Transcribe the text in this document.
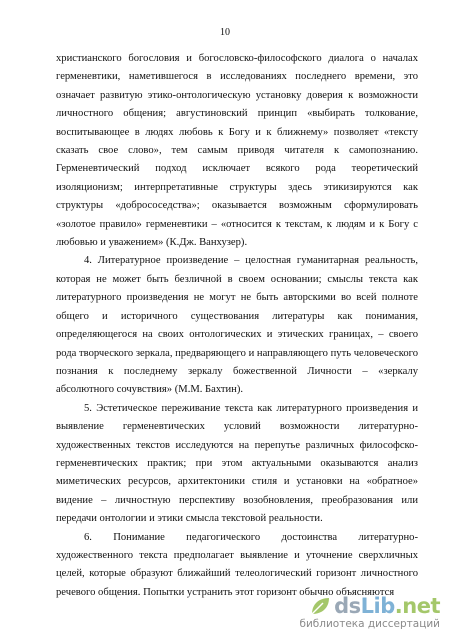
10

христианского богословия и богословско-философского диалога о началах герменевтики, наметившегося в исследованиях последнего времени, это означает развитую этико-онтологическую установку доверия к возможности личностного общения; августиновский принцип «выбирать толкование, воспитывающее в людях любовь к Богу и к ближнему» позволяет «тексту сказать свое слово», тем самым приводя читателя к самопознанию. Герменевтический подход исключает всякого рода теоретический изоляционизм; интерпретативные структуры здесь этикизируются как структуры «добрососедства»; оказывается возможным сформулировать «золотое правило» герменевтики – «относится к текстам, к людям и к Богу с любовью и уважением» (К.Дж. Ванхузер).

4. Литературное произведение – целостная гуманитарная реальность, которая не может быть безличной в своем основании; смыслы текста как литературного произведения не могут не быть авторскими во всей полноте общего и историчного существования литературы как понимания, определяющегося на своих онтологических и этических границах, – своего рода творческого зеркала, предваряющего и направляющего путь человеческого познания к последнему зеркалу божественной Личности – «зеркалу абсолютного сочувствия» (М.М. Бахтин).

5. Эстетическое переживание текста как литературного произведения и выявление герменевтических условий возможности литературно-художественных текстов исследуются на перепутье различных философско-герменевтических практик; при этом актуальными оказываются анализ миметических ресурсов, архитектоники стиля и установки на «обратное» видение – личностную перспективу возобновления, преобразования или передачи онтологии и этики смысла текстовой реальности.

6. Понимание педагогического достоинства литературно-художественного текста предполагает выявление и уточнение сверхличных целей, которые образуют ближайший телеологический горизонт личностного речевого общения. Попытки устранить этот горизонт обычно объясняются

dsLib.net
библиотека диссертаций
